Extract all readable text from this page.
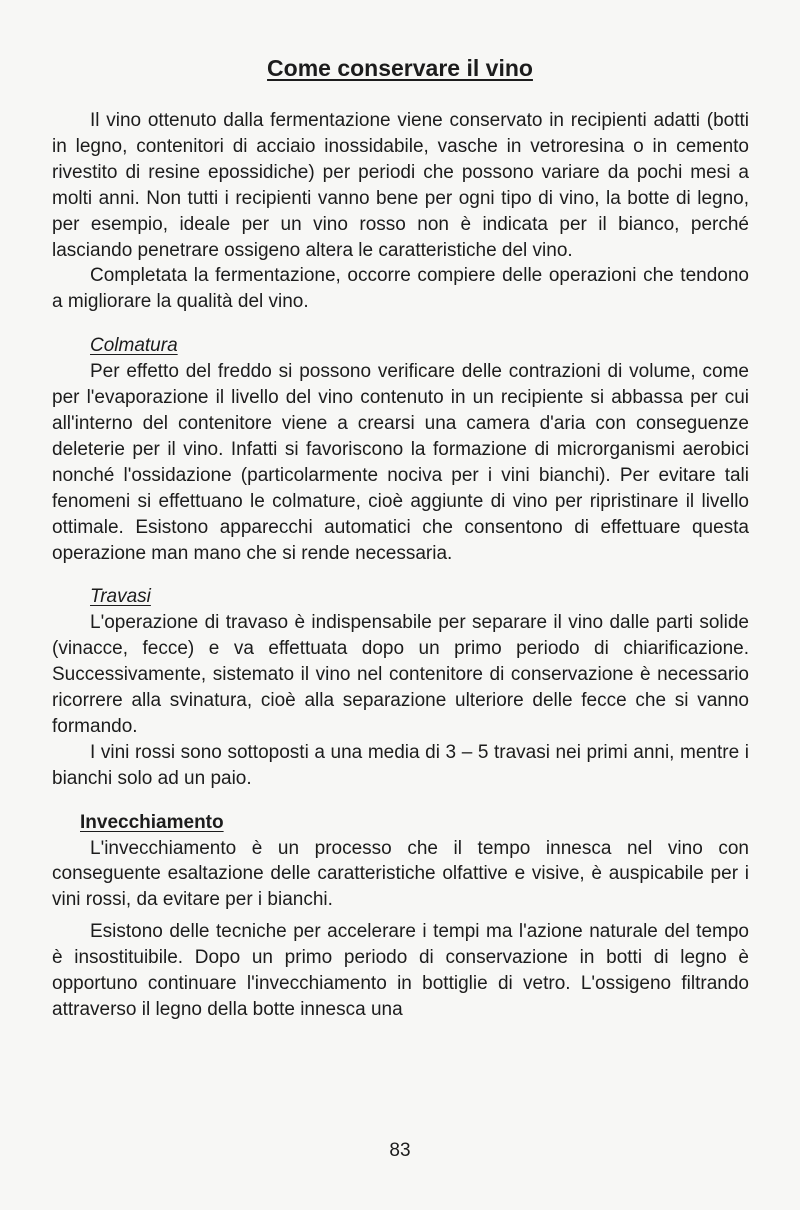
Come conservare il vino

Il vino ottenuto dalla fermentazione viene conservato in recipienti adatti (botti in legno, contenitori di acciaio inossidabile, vasche in vetroresina o in cemento rivestito di resine epossidiche) per periodi che possono variare da pochi mesi a molti anni. Non tutti i recipienti vanno bene per ogni tipo di vino, la botte di legno, per esempio, ideale per un vino rosso non è indicata per il bianco, perché lasciando penetrare ossigeno altera le caratteristiche del vino.

Completata la fermentazione, occorre compiere delle operazioni che tendono a migliorare la qualità del vino.

Colmatura

Per effetto del freddo si possono verificare delle contrazioni di volume, come per l'evaporazione il livello del vino contenuto in un recipiente si abbassa per cui all'interno del contenitore viene a crearsi una camera d'aria con conseguenze deleterie per il vino. Infatti si favoriscono la formazione di microrganismi aerobici nonché l'ossidazione (particolarmente nociva per i vini bianchi). Per evitare tali fenomeni si effettuano le colmature, cioè aggiunte di vino per ripristinare il livello ottimale. Esistono apparecchi automatici che consentono di effettuare questa operazione man mano che si rende necessaria.

Travasi

L'operazione di travaso è indispensabile per separare il vino dalle parti solide (vinacce, fecce) e va effettuata dopo un primo periodo di chiarificazione. Successivamente, sistemato il vino nel contenitore di conservazione è necessario ricorrere alla svinatura, cioè alla separazione ulteriore delle fecce che si vanno formando.

I vini rossi sono sottoposti a una media di 3 – 5 travasi nei primi anni, mentre i bianchi solo ad un paio.

Invecchiamento

L'invecchiamento è un processo che il tempo innesca nel vino con conseguente esaltazione delle caratteristiche olfattive e visive, è auspicabile per i vini rossi, da evitare per i bianchi.

Esistono delle tecniche per accelerare i tempi ma l'azione naturale del tempo è insostituibile. Dopo un primo periodo di conservazione in botti di legno è opportuno continuare l'invecchiamento in bottiglie di vetro. L'ossigeno filtrando attraverso il legno della botte innesca una

83
